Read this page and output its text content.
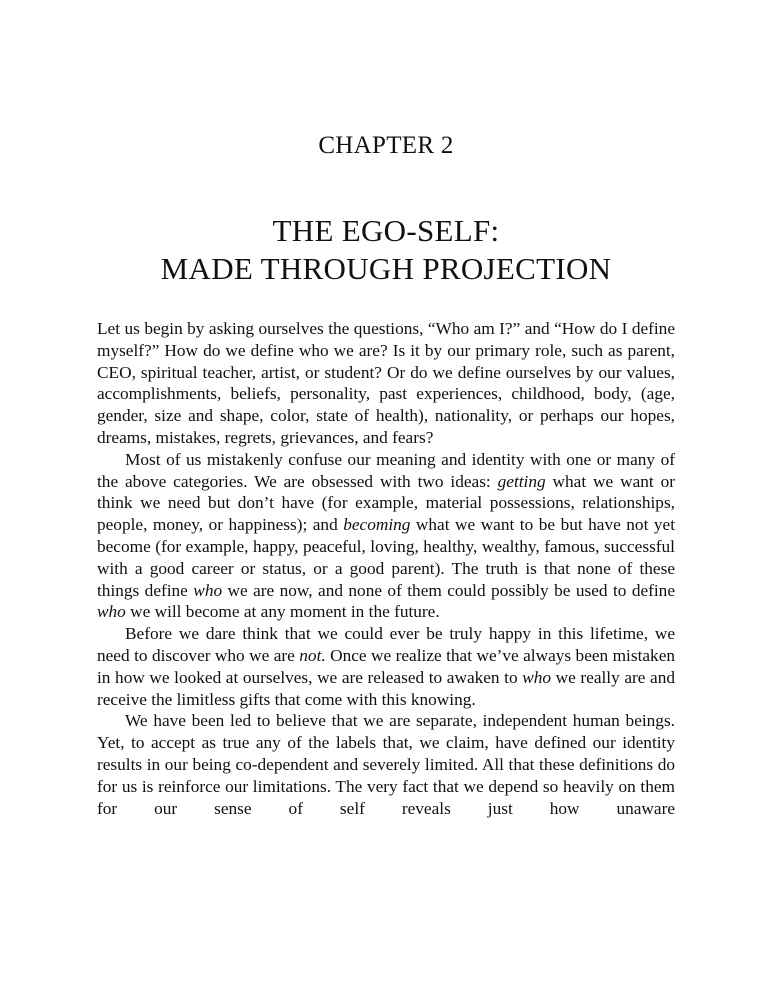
CHAPTER 2
THE EGO-SELF:
MADE THROUGH PROJECTION

Let us begin by asking ourselves the questions, “Who am I?” and “How do I define myself?” How do we define who we are? Is it by our primary role, such as parent, CEO, spiritual teacher, artist, or student? Or do we define ourselves by our values, accomplishments, beliefs, personality, past experiences, childhood, body, (age, gender, size and shape, color, state of health), nationality, or perhaps our hopes, dreams, mistakes, regrets, grievances, and fears?

Most of us mistakenly confuse our meaning and identity with one or many of the above categories. We are obsessed with two ideas: getting what we want or think we need but don’t have (for example, material possessions, relationships, people, money, or happiness); and becoming what we want to be but have not yet become (for example, happy, peaceful, loving, healthy, wealthy, famous, successful with a good career or status, or a good parent). The truth is that none of these things define who we are now, and none of them could possibly be used to define who we will become at any moment in the future.

Before we dare think that we could ever be truly happy in this lifetime, we need to discover who we are not. Once we realize that we’ve always been mistaken in how we looked at ourselves, we are released to awaken to who we really are and receive the limitless gifts that come with this knowing.

We have been led to believe that we are separate, independent human beings. Yet, to accept as true any of the labels that, we claim, have defined our identity results in our being co-dependent and severely limited. All that these definitions do for us is reinforce our limitations. The very fact that we depend so heavily on them for our sense of self reveals just how unaware
